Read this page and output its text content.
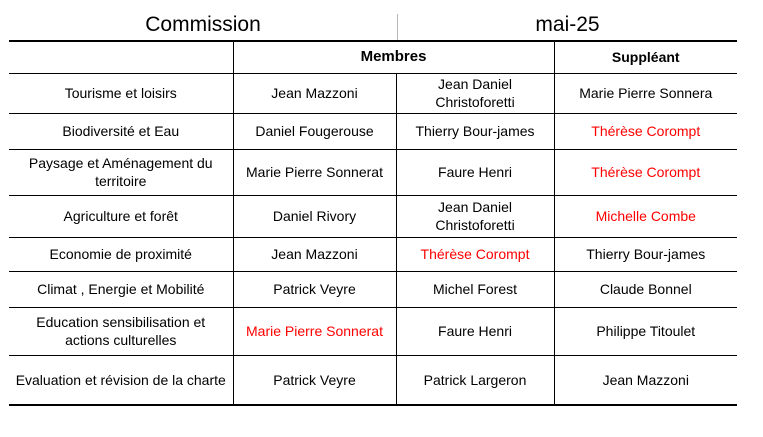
Commission	mai-25
	Membres		Suppléant
Tourisme et loisirs	Jean Mazzoni	Jean Daniel Christoforetti	Marie Pierre Sonnera
Biodiversité et Eau	Daniel Fougerouse	Thierry Bour-james	Thérèse Corompt
Paysage et Aménagement du territoire	Marie Pierre Sonnerat	Faure Henri	Thérèse Corompt
Agriculture et forêt	Daniel Rivory	Jean Daniel Christoforetti	Michelle Combe
Economie de proximité	Jean Mazzoni	Thérèse Corompt	Thierry Bour-james
Climat , Energie et Mobilité	Patrick Veyre	Michel Forest	Claude Bonnel
Education sensibilisation et actions culturelles	Marie Pierre Sonnerat	Faure Henri	Philippe Titoulet
Evaluation et révision de la charte	Patrick Veyre	Patrick Largeron	Jean Mazzoni
